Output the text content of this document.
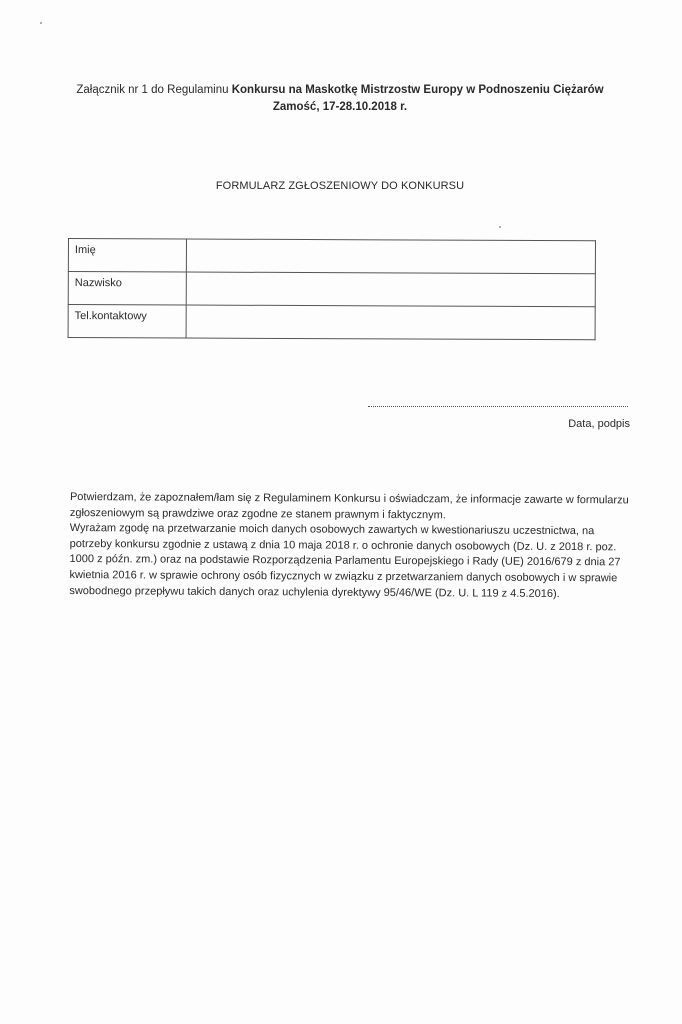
Załącznik nr 1 do Regulaminu Konkursu na Maskotkę Mistrzostw Europy w Podnoszeniu Ciężarów
Zamość, 17-28.10.2018 r.
FORMULARZ ZGŁOSZENIOWY DO KONKURSU
Imię	
Nazwisko	
Tel.kontaktowy	
Data, podpis

Potwierdzam, że zapoznałem/łam się z Regulaminem Konkursu i oświadczam, że informacje zawarte w formularzu zgłoszeniowym są prawdziwe oraz zgodne ze stanem prawnym i faktycznym.

Wyrażam zgodę na przetwarzanie moich danych osobowych zawartych w kwestionariuszu uczestnictwa, na potrzeby konkursu zgodnie z ustawą z dnia 10 maja 2018 r. o ochronie danych osobowych (Dz. U. z 2018 r. poz. 1000 z późn. zm.) oraz na podstawie Rozporządzenia Parlamentu Europejskiego i Rady (UE) 2016/679 z dnia 27 kwietnia 2016 r. w sprawie ochrony osób fizycznych w związku z przetwarzaniem danych osobowych i w sprawie swobodnego przepływu takich danych oraz uchylenia dyrektywy 95/46/WE (Dz. U. L 119 z 4.5.2016).
